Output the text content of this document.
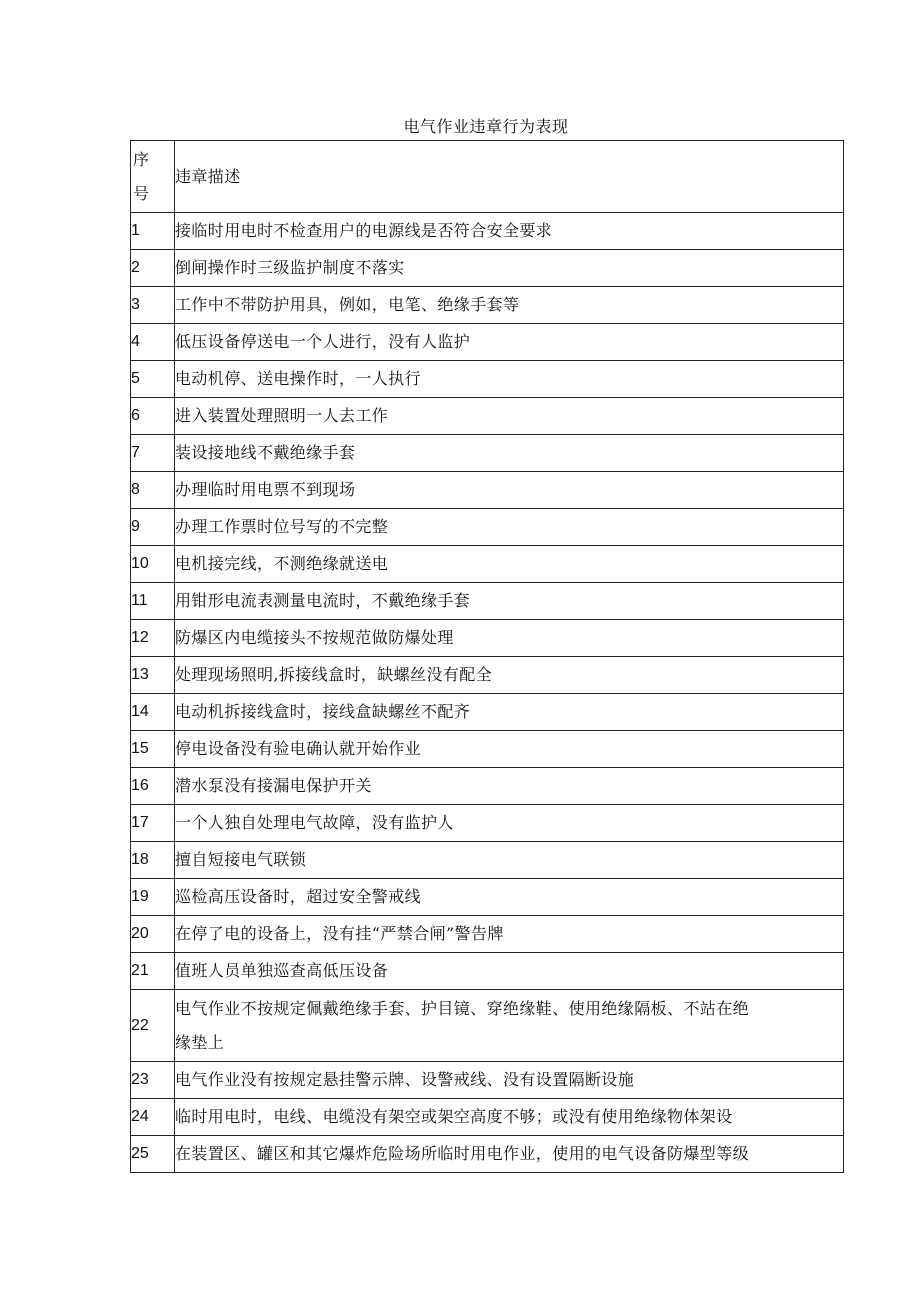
电气作业违章行为表现
序
号	违章描述
1	接临时用电时不检查用户的电源线是否符合安全要求
2	倒闸操作时三级监护制度不落实
3	工作中不带防护用具，例如，电笔、绝缘手套等
4	低压设备停送电一个人进行，没有人监护
5	电动机停、送电操作时，一人执行
6	进入装置处理照明一人去工作
7	装设接地线不戴绝缘手套
8	办理临时用电票不到现场
9	办理工作票时位号写的不完整
10	电机接完线，不测绝缘就送电
11	用钳形电流表测量电流时，不戴绝缘手套
12	防爆区内电缆接头不按规范做防爆处理
13	处理现场照明,拆接线盒时，缺螺丝没有配全
14	电动机拆接线盒时，接线盒缺螺丝不配齐
15	停电设备没有验电确认就开始作业
16	潜水泵没有接漏电保护开关
17	一个人独自处理电气故障，没有监护人
18	擅自短接电气联锁
19	巡检高压设备时，超过安全警戒线
20	在停了电的设备上，没有挂“严禁合闸”警告牌
21	值班人员单独巡查高低压设备
22	电气作业不按规定佩戴绝缘手套、护目镜、穿绝缘鞋、使用绝缘隔板、不站在绝
缘垫上

23	电气作业没有按规定悬挂警示牌、设警戒线、没有设置隔断设施
24	临时用电时，电线、电缆没有架空或架空高度不够；或没有使用绝缘物体架设
25	在装置区、罐区和其它爆炸危险场所临时用电作业，使用的电气设备防爆型等级
